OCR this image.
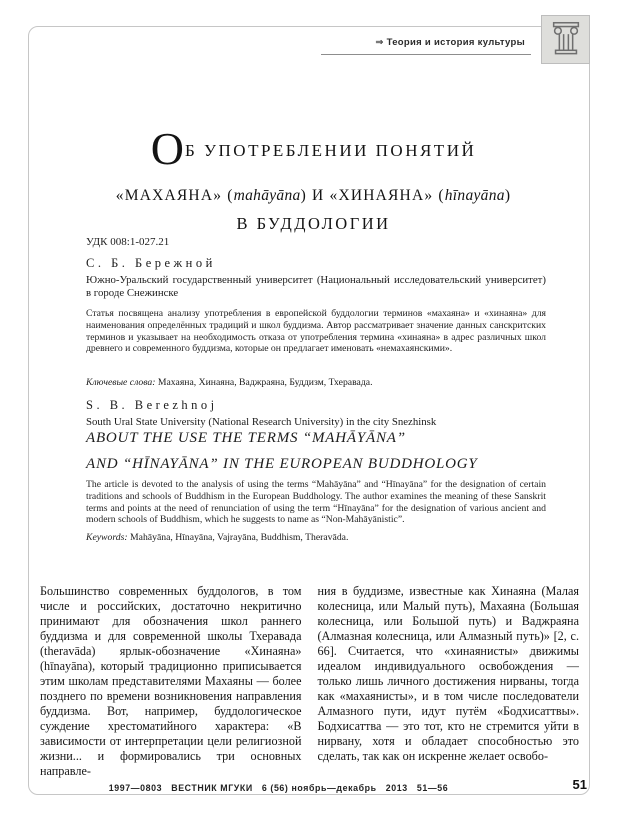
⇒ Теория и история культуры
ОБ УПОТРЕБЛЕНИИ ПОНЯТИЙ
«МАХАЯНА» (mahāyāna) И «ХИНАЯНА» (hīnayāna)
В БУДДОЛОГИИ
УДК 008:1-027.21
С. Б. Бережной
Южно-Уральский государственный университет (Национальный исследовательский университет) в городе Снежинске
Статья посвящена анализу употребления в европейской буддологии терминов «махаяна» и «хинаяна» для наименования определённых традиций и школ буддизма. Автор рассматривает значение данных санскритских терминов и указывает на необходимость отказа от употребления термина «хинаяна» в адрес различных школ древнего и современного буддизма, которые он предлагает именовать «немахаянскими».
Ключевые слова: Махаяна, Хинаяна, Ваджраяна, Буддизм, Тхеравада.
S. B. Berezhnoj
South Ural State University (National Research University) in the city Snezhinsk
ABOUT THE USE THE TERMS “MAHĀYĀNA”
AND “HĪNAYĀNA” IN THE EUROPEAN BUDDHOLOGY
The article is devoted to the analysis of using the terms “Mahāyāna” and “Hīnayāna” for the designation of certain traditions and schools of Buddhism in the European Buddhology. The author examines the meaning of these Sanskrit terms and points at the need of renunciation of using the term “Hīnayāna” for the designation of various ancient and modern schools of Buddhism, which he suggests to name as “Non-Mahāyānistic”.
Keywords: Mahāyāna, Hīnayāna, Vajrayāna, Buddhism, Theravāda.
Большинство современных буддологов, в том числе и российских, достаточно некритично принимают для обозначения школ раннего буддизма и для современной школы Тхеравада (theravāda) ярлык-обозначение «Хинаяна» (hīnayāna), который традиционно приписывается этим школам представителями Махаяны — более позднего по времени возникновения направления буддизма. Вот, например, буддологическое суждение хрестоматийного характера: «В зависимости от интерпретации цели религиозной жизни... и формировались три основных направле-
ния в буддизме, известные как Хинаяна (Малая колесница, или Малый путь), Махаяна (Большая колесница, или Большой путь) и Ваджраяна (Алмазная колесница, или Алмазный путь)» [2, с. 66]. Считается, что «хинаянисты» движимы идеалом индивидуального освобождения — только лишь личного достижения нирваны, тогда как «махаянисты», и в том числе последователи Алмазного пути, идут путём «Бодхисаттвы». Бодхисаттва — это тот, кто не стремится уйти в нирвану, хотя и обладает способностью это сделать, так как он искренне желает освобо-
1997—0803   ВЕСТНИК МГУКИ   6 (56) ноябрь—декабрь   2013   51—56	51
